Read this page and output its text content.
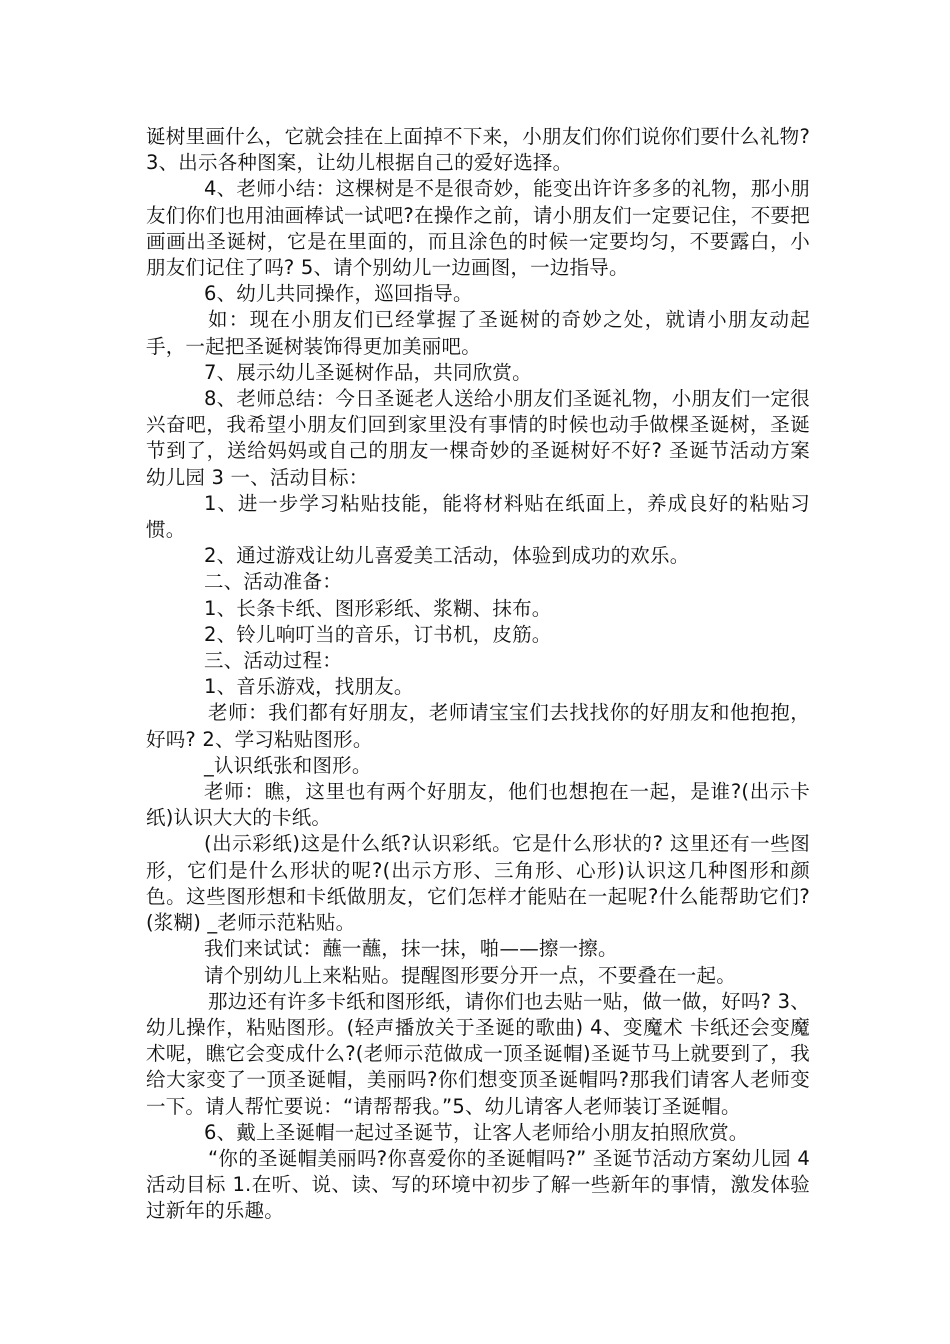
诞树里画什么，它就会挂在上面掉不下来，小朋友们你们说你们要什么礼物? 3、出示各种图案，让幼儿根据自己的爱好选择。

4、老师小结：这棵树是不是很奇妙，能变出许许多多的礼物，那小朋友们你们也用油画棒试一试吧?在操作之前，请小朋友们一定要记住，不要把画画出圣诞树，它是在里面的，而且涂色的时候一定要均匀，不要露白，小朋友们记住了吗? 5、请个别幼儿一边画图，一边指导。

6、幼儿共同操作，巡回指导。

如：现在小朋友们已经掌握了圣诞树的奇妙之处，就请小朋友动起手，一起把圣诞树装饰得更加美丽吧。

7、展示幼儿圣诞树作品，共同欣赏。

8、老师总结：今日圣诞老人送给小朋友们圣诞礼物，小朋友们一定很兴奋吧，我希望小朋友们回到家里没有事情的时候也动手做棵圣诞树，圣诞节到了，送给妈妈或自己的朋友一棵奇妙的圣诞树好不好? 圣诞节活动方案幼儿园 3 一、活动目标：

1、进一步学习粘贴技能，能将材料贴在纸面上，养成良好的粘贴习惯。

2、通过游戏让幼儿喜爱美工活动，体验到成功的欢乐。

二、活动准备：

1、长条卡纸、图形彩纸、浆糊、抹布。

2、铃儿响叮当的音乐，订书机，皮筋。

三、活动过程：

1、音乐游戏，找朋友。

老师：我们都有好朋友，老师请宝宝们去找找你的好朋友和他抱抱，好吗? 2、学习粘贴图形。

_认识纸张和图形。

老师：瞧，这里也有两个好朋友，他们也想抱在一起，是谁?(出示卡纸)认识大大的卡纸。

(出示彩纸)这是什么纸?认识彩纸。它是什么形状的? 这里还有一些图形，它们是什么形状的呢?(出示方形、三角形、心形)认识这几种图形和颜色。这些图形想和卡纸做朋友，它们怎样才能贴在一起呢?什么能帮助它们?(浆糊) _老师示范粘贴。

我们来试试：蘸一蘸，抹一抹，啪——擦一擦。

请个别幼儿上来粘贴。提醒图形要分开一点，不要叠在一起。

那边还有许多卡纸和图形纸，请你们也去贴一贴，做一做，好吗? 3、幼儿操作，粘贴图形。(轻声播放关于圣诞的歌曲) 4、变魔术 卡纸还会变魔术呢，瞧它会变成什么?(老师示范做成一顶圣诞帽)圣诞节马上就要到了，我给大家变了一顶圣诞帽，美丽吗?你们想变顶圣诞帽吗?那我们请客人老师变一下。请人帮忙要说：“请帮帮我。”5、幼儿请客人老师装订圣诞帽。

6、戴上圣诞帽一起过圣诞节，让客人老师给小朋友拍照欣赏。

“你的圣诞帽美丽吗?你喜爱你的圣诞帽吗?” 圣诞节活动方案幼儿园 4 活动目标 1.在听、说、读、写的环境中初步了解一些新年的事情，激发体验过新年的乐趣。
